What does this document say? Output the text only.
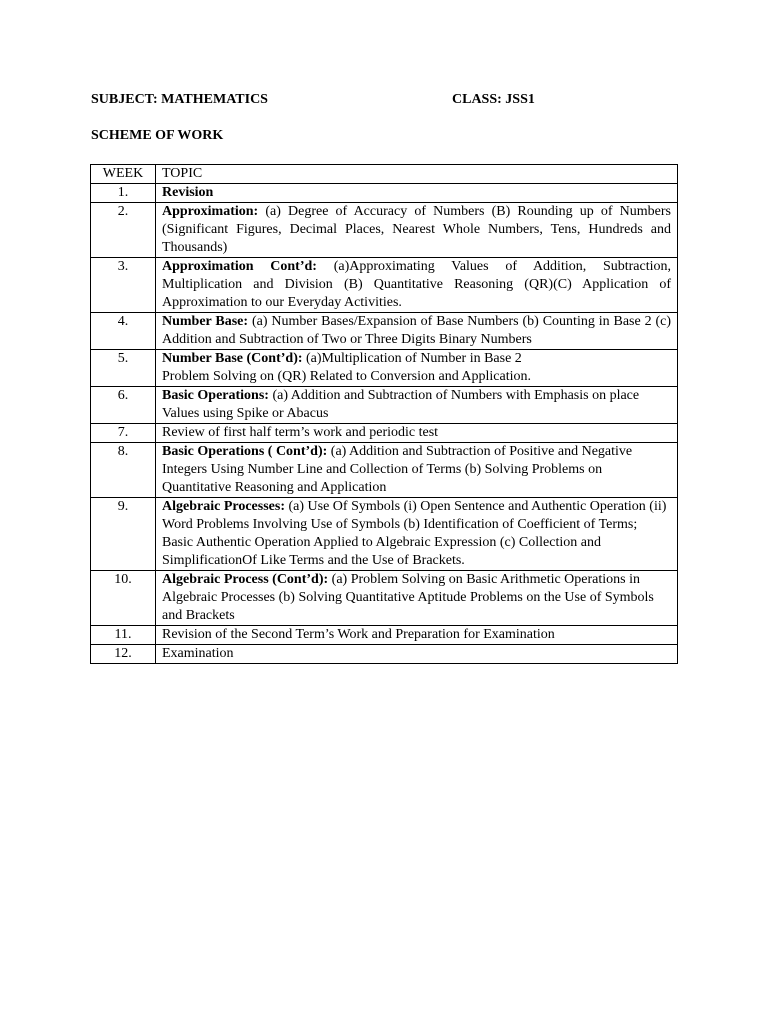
SUBJECT: MATHEMATICS	CLASS: JSS1
SCHEME OF WORK
WEEK	TOPIC
1.	Revision
2.	Approximation: (a) Degree of Accuracy of Numbers (B) Rounding up of Numbers (Significant Figures, Decimal Places, Nearest Whole Numbers, Tens, Hundreds and Thousands)
3.	Approximation Cont’d: (a)Approximating Values of Addition, Subtraction, Multiplication and Division (B) Quantitative Reasoning (QR)(C) Application of Approximation to our Everyday Activities.
4.	Number Base: (a) Number Bases/Expansion of Base Numbers (b) Counting in Base 2 (c) Addition and Subtraction of Two or Three Digits Binary Numbers
5.	Number Base (Cont’d): (a)Multiplication of Number in Base 2
Problem Solving on (QR) Related to Conversion and Application.

6.	Basic Operations: (a) Addition and Subtraction of Numbers with Emphasis on place Values using Spike or Abacus
7.	Review of first half term’s work and periodic test
8.	Basic Operations ( Cont’d): (a) Addition and Subtraction of Positive and Negative Integers Using Number Line and Collection of Terms (b) Solving Problems on Quantitative Reasoning and Application
9.	Algebraic Processes: (a) Use Of Symbols (i) Open Sentence and Authentic Operation (ii) Word Problems Involving Use of Symbols (b) Identification of Coefficient of Terms; Basic Authentic Operation Applied to Algebraic Expression (c) Collection and SimplificationOf Like Terms and the Use of Brackets.
10.	Algebraic Process (Cont’d): (a) Problem Solving on Basic Arithmetic Operations in Algebraic Processes (b) Solving Quantitative Aptitude Problems on the Use of Symbols and Brackets
11.	Revision of the Second Term’s Work and Preparation for Examination
12.	Examination
